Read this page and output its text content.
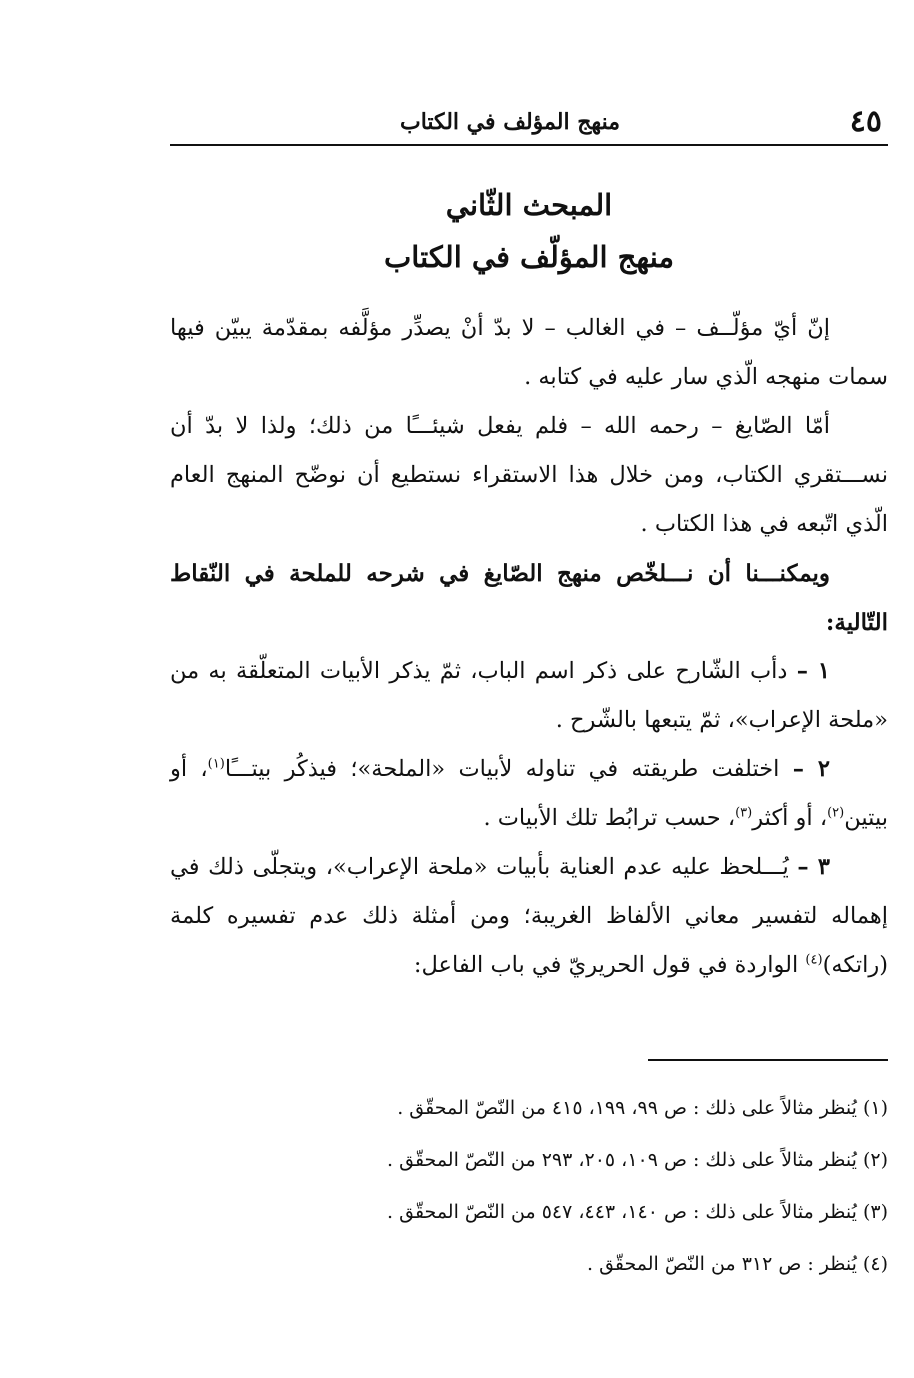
٤٥
منهج المؤلف في الكتاب
المبحث الثّاني
منهج المؤلّف في الكتاب

إنّ أيّ مؤلّــف – في الغالب – لا بدّ أنْ يصدِّر مؤلَّفه بمقدّمة يبيّن فيها سمات منهجه الّذي سار عليه في كتابه .

أمّا الصّايغ – رحمه الله – فلم يفعل شيئـــًا من ذلك؛ ولذا لا بدّ أن نســـتقري الكتاب، ومن خلال هذا الاستقراء نستطيع أن نوضّح المنهج العام الّذي اتّبعه في هذا الكتاب .

ويمكنـــنا أن نـــلخّص منهج الصّايغ في شرحه للملحة في النّقاط التّالية:

١ – دأب الشّارح على ذكر اسم الباب، ثمّ يذكر الأبيات المتعلّقة به من «ملحة الإعراب»، ثمّ يتبعها بالشّرح .

٢ – اختلفت طريقته في تناوله لأبيات «الملحة»؛ فيذكُر بيتـــًا$^{(١)}$، أو بيتين$^{(٢)}$، أو أكثر$^{(٣)}$، حسب ترابُط تلك الأبيات .

٣ – يُـــلحظ عليه عدم العناية بأبيات «ملحة الإعراب»، ويتجلّى ذلك في إهماله لتفسير معاني الألفاظ الغريبة؛ ومن أمثلة ذلك عدم تفسيره كلمة (راتكه)$^{(٤)}$ الواردة في قول الحريريّ في باب الفاعل:

(١) يُنظر مثالاً على ذلك : ص ٩٩، ١٩٩، ٤١٥ من النّصّ المحقّق .

(٢) يُنظر مثالاً على ذلك : ص ١٠٩، ٢٠٥، ٢٩٣ من النّصّ المحقّق .

(٣) يُنظر مثالاً على ذلك : ص ١٤٠، ٤٤٣، ٥٤٧ من النّصّ المحقّق .

(٤) يُنظر : ص ٣١٢ من النّصّ المحقّق .
